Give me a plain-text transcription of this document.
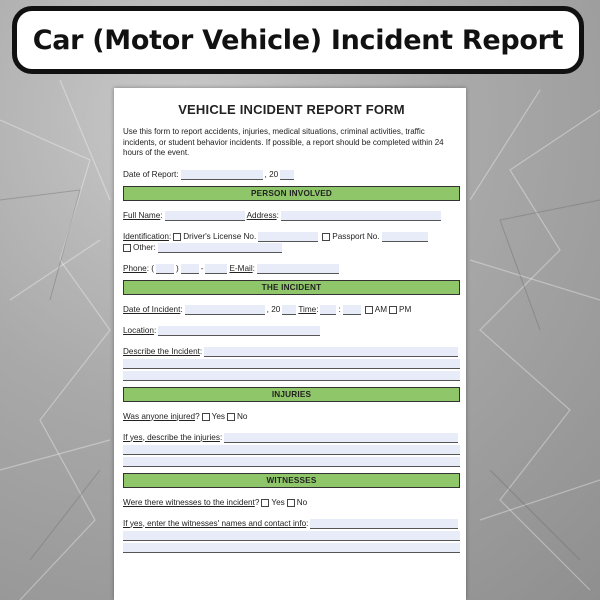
Car (Motor Vehicle) Incident Report
VEHICLE INCIDENT REPORT FORM

Use this form to report accidents, injuries, medical situations, criminal activities, traffic incidents, or student behavior incidents. If possible, a report should be completed within 24 hours of the event.

Date of Report:	, 20
PERSON INVOLVED
Full Name :	Address :
Identification : Driver's License No.	Passport No.
Other:
Phone : (	)	-	E-Mail :
THE INCIDENT
Date of Incident :	, 20 Time : :	AM PM
Location :
Describe the Incident :
INJURIES
Was anyone injured ? Yes No
If yes, describe the injuries :
WITNESSES
Were there witnesses to the incident ? Yes No
If yes, enter the witnesses' names and contact info :
